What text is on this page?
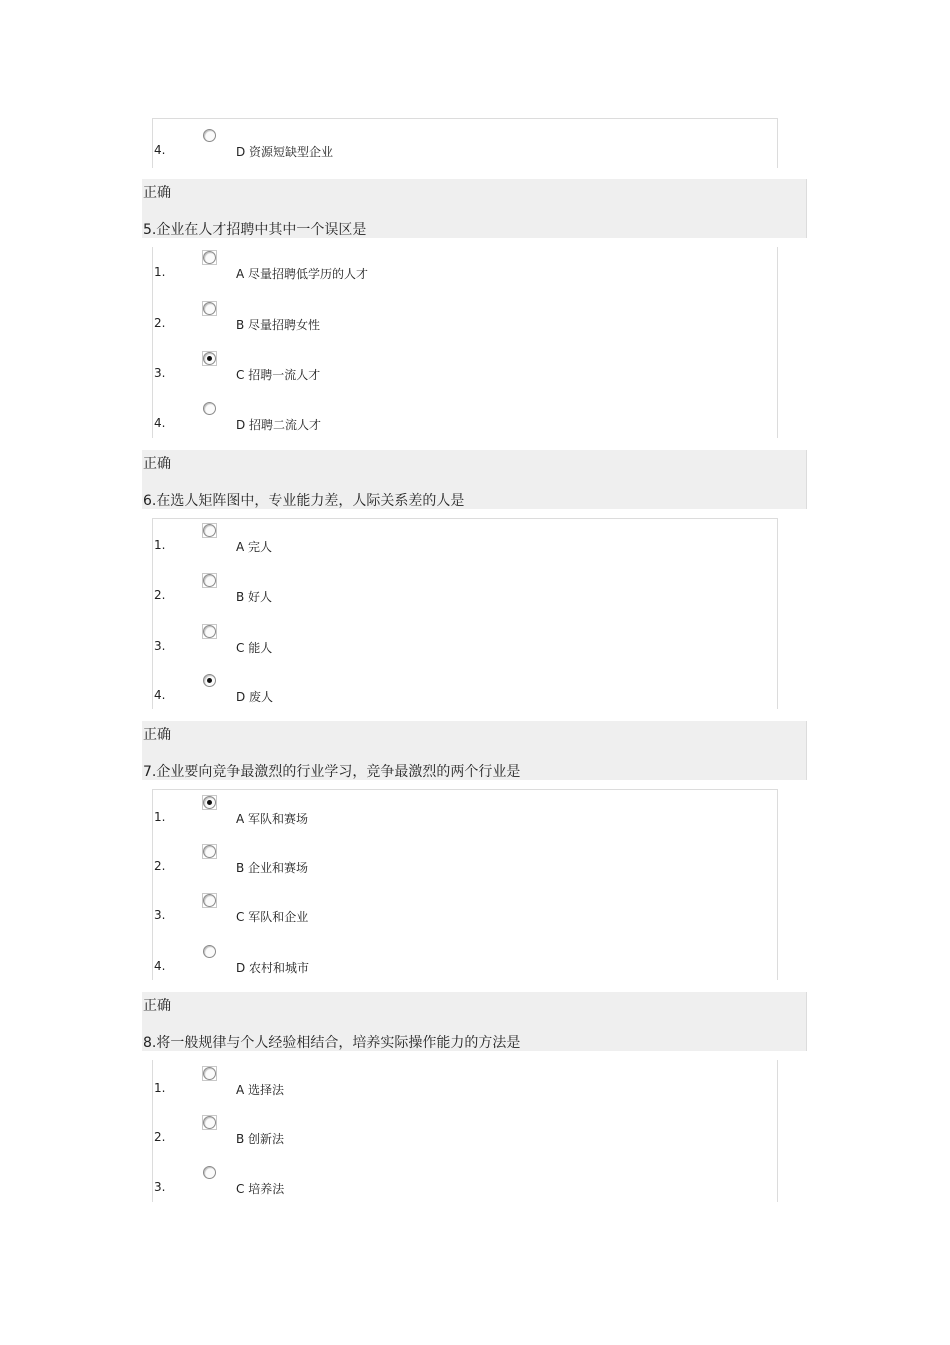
4.	D 资源短缺型企业
正确
5.企业在人才招聘中其中一个误区是
1.	A 尽量招聘低学历的人才
2.	B 尽量招聘女性
3.	C 招聘一流人才
4.	D 招聘二流人才
正确
6.在选人矩阵图中，专业能力差，人际关系差的人是
1.	A 完人
2.	B 好人
3.	C 能人
4.	D 废人
正确
7.企业要向竞争最激烈的行业学习，竞争最激烈的两个行业是
1.	A 军队和赛场
2.	B 企业和赛场
3.	C 军队和企业
4.	D 农村和城市
正确
8.将一般规律与个人经验相结合，培养实际操作能力的方法是
1.	A 选择法
2.	B 创新法
3.	C 培养法
